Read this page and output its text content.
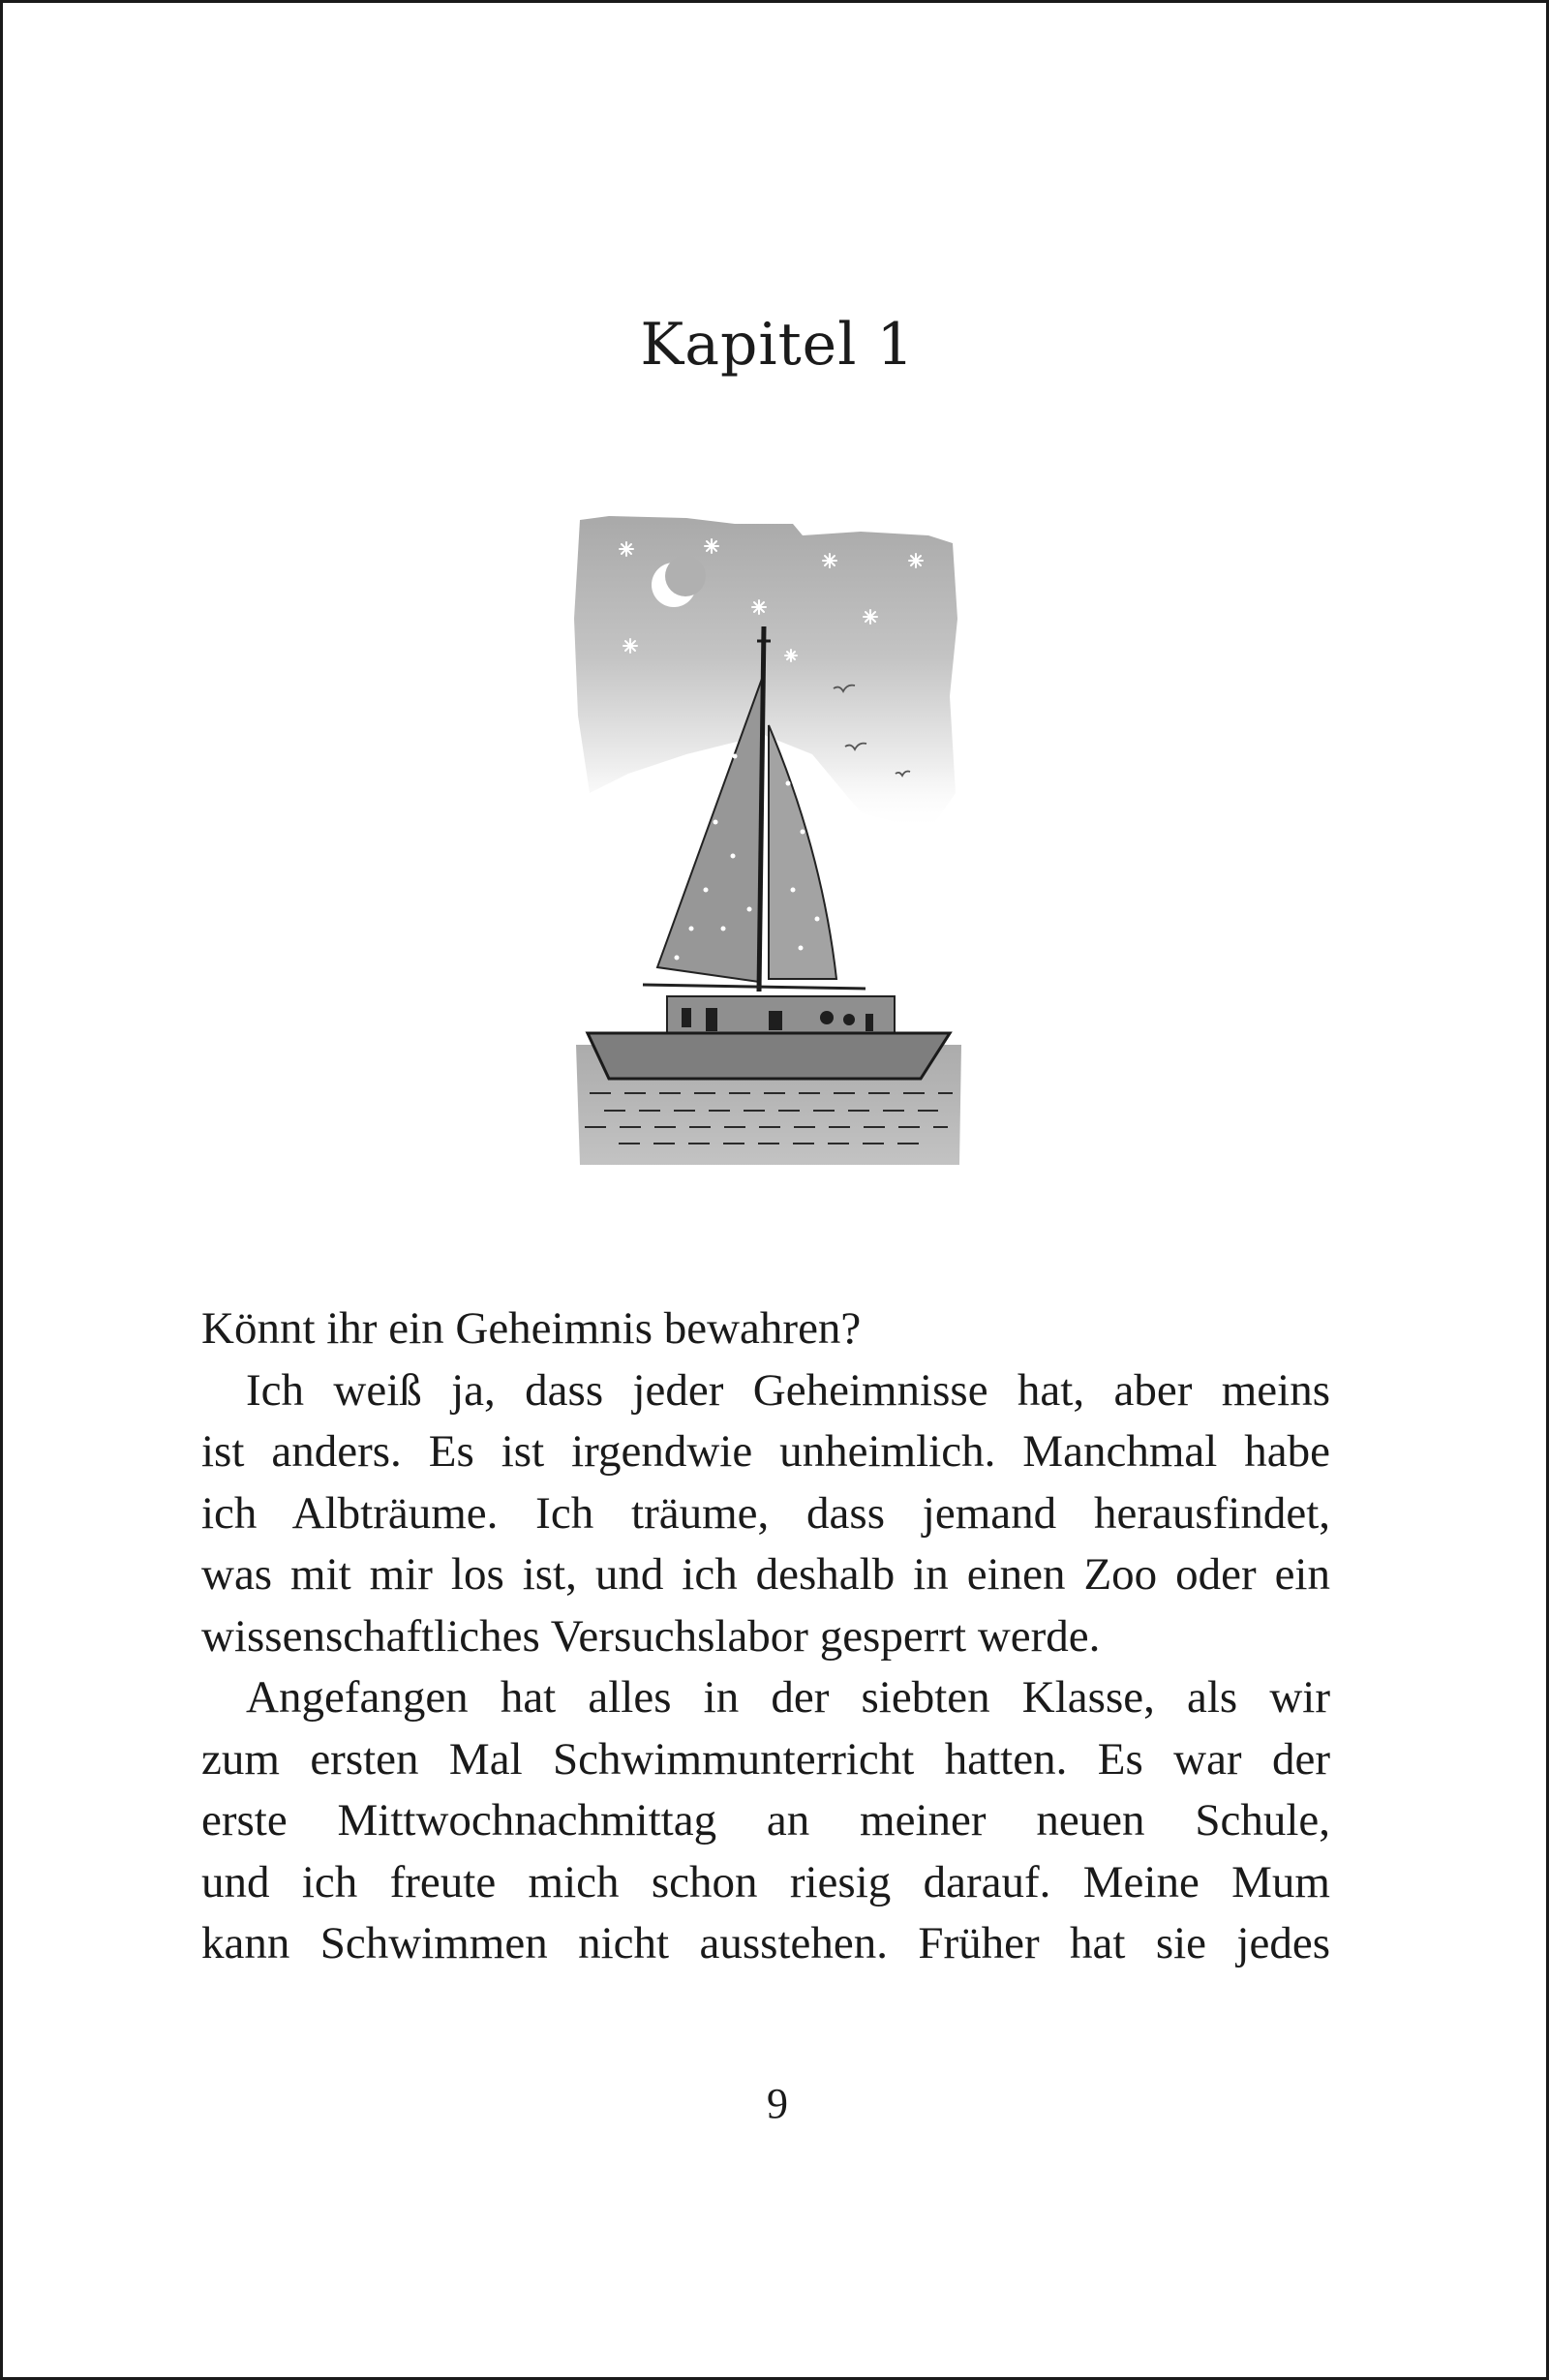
Kapitel 1
Könnt ihr ein Geheimnis bewahren?
Ich weiß ja, dass jeder Geheimnisse hat, aber meins
ist anders. Es ist irgendwie unheimlich. Manchmal habe
ich Albträume. Ich träume, dass jemand herausfindet,
was mit mir los ist, und ich deshalb in einen Zoo oder ein
wissenschaftliches Versuchslabor gesperrt werde.
Angefangen hat alles in der siebten Klasse, als wir
zum ersten Mal Schwimmunterricht hatten. Es war der
erste Mittwochnachmittag an meiner neuen Schule,
und ich freute mich schon riesig darauf. Meine Mum
kann Schwimmen nicht ausstehen. Früher hat sie jedes
9
